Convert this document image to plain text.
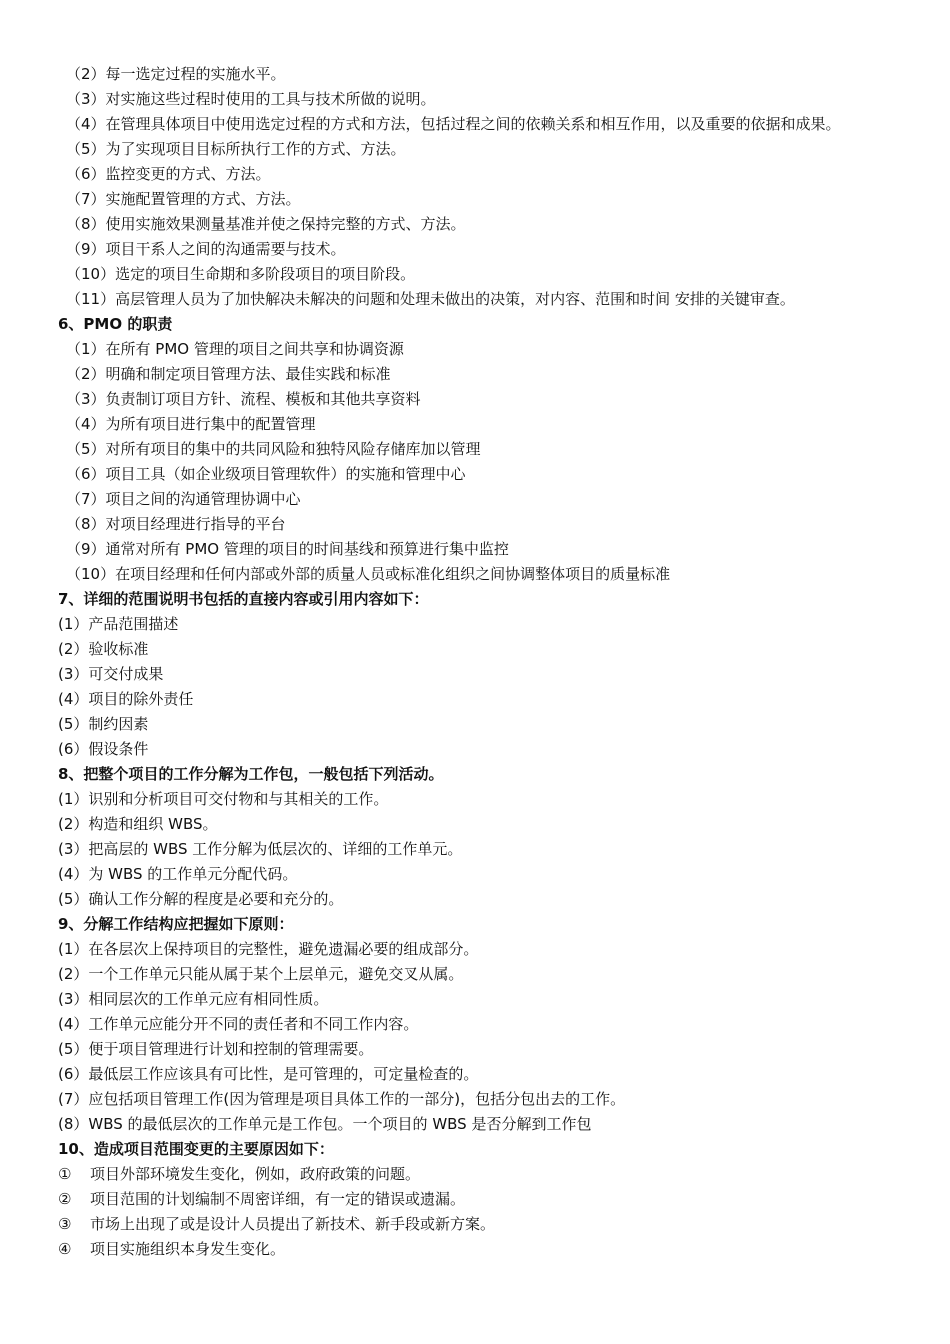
（2）每一选定过程的实施水平。
（3）对实施这些过程时使用的工具与技术所做的说明。
（4）在管理具体项目中使用选定过程的方式和方法，包括过程之间的依赖关系和相互作用，以及重要的依据和成果。
（5）为了实现项目目标所执行工作的方式、方法。
（6）监控变更的方式、方法。
（7）实施配置管理的方式、方法。
（8）使用实施效果测量基准并使之保持完整的方式、方法。
（9）项目干系人之间的沟通需要与技术。
（10）选定的项目生命期和多阶段项目的项目阶段。
（11）高层管理人员为了加快解决未解决的问题和处理未做出的决策，对内容、范围和时间 安排的关键审查。
6、PMO 的职责
（1）在所有 PMO 管理的项目之间共享和协调资源
（2）明确和制定项目管理方法、最佳实践和标准
（3）负责制订项目方针、流程、模板和其他共享资料
（4）为所有项目进行集中的配置管理
（5）对所有项目的集中的共同风险和独特风险存储库加以管理
（6）项目工具（如企业级项目管理软件）的实施和管理中心
（7）项目之间的沟通管理协调中心
（8）对项目经理进行指导的平台
（9）通常对所有 PMO 管理的项目的时间基线和预算进行集中监控
（10）在项目经理和任何内部或外部的质量人员或标准化组织之间协调整体项目的质量标准
7、详细的范围说明书包括的直接内容或引用内容如下：
(1）产品范围描述
(2）验收标准
(3）可交付成果
(4）项目的除外责任
(5）制约因素
(6）假设条件
8、把整个项目的工作分解为工作包，一般包括下列活动。
(1）识别和分析项目可交付物和与其相关的工作。
(2）构造和组织 WBS。
(3）把高层的 WBS 工作分解为低层次的、详细的工作单元。
(4）为 WBS 的工作单元分配代码。
(5）确认工作分解的程度是必要和充分的。
9、分解工作结构应把握如下原则：
(1）在各层次上保持项目的完整性，避免遗漏必要的组成部分。
(2）一个工作单元只能从属于某个上层单元，避免交叉从属。
(3）相同层次的工作单元应有相同性质。
(4）工作单元应能分开不同的责任者和不同工作内容。
(5）便于项目管理进行计划和控制的管理需要。
(6）最低层工作应该具有可比性，是可管理的，可定量检查的。
(7）应包括项目管理工作(因为管理是项目具体工作的一部分)，包括分包出去的工作。
(8）WBS 的最低层次的工作单元是工作包。一个项目的 WBS 是否分解到工作包
10、造成项目范围变更的主要原因如下：
① 项目外部环境发生变化，例如，政府政策的问题。
② 项目范围的计划编制不周密详细，有一定的错误或遗漏。
③ 市场上出现了或是设计人员提出了新技术、新手段或新方案。
④ 项目实施组织本身发生变化。
